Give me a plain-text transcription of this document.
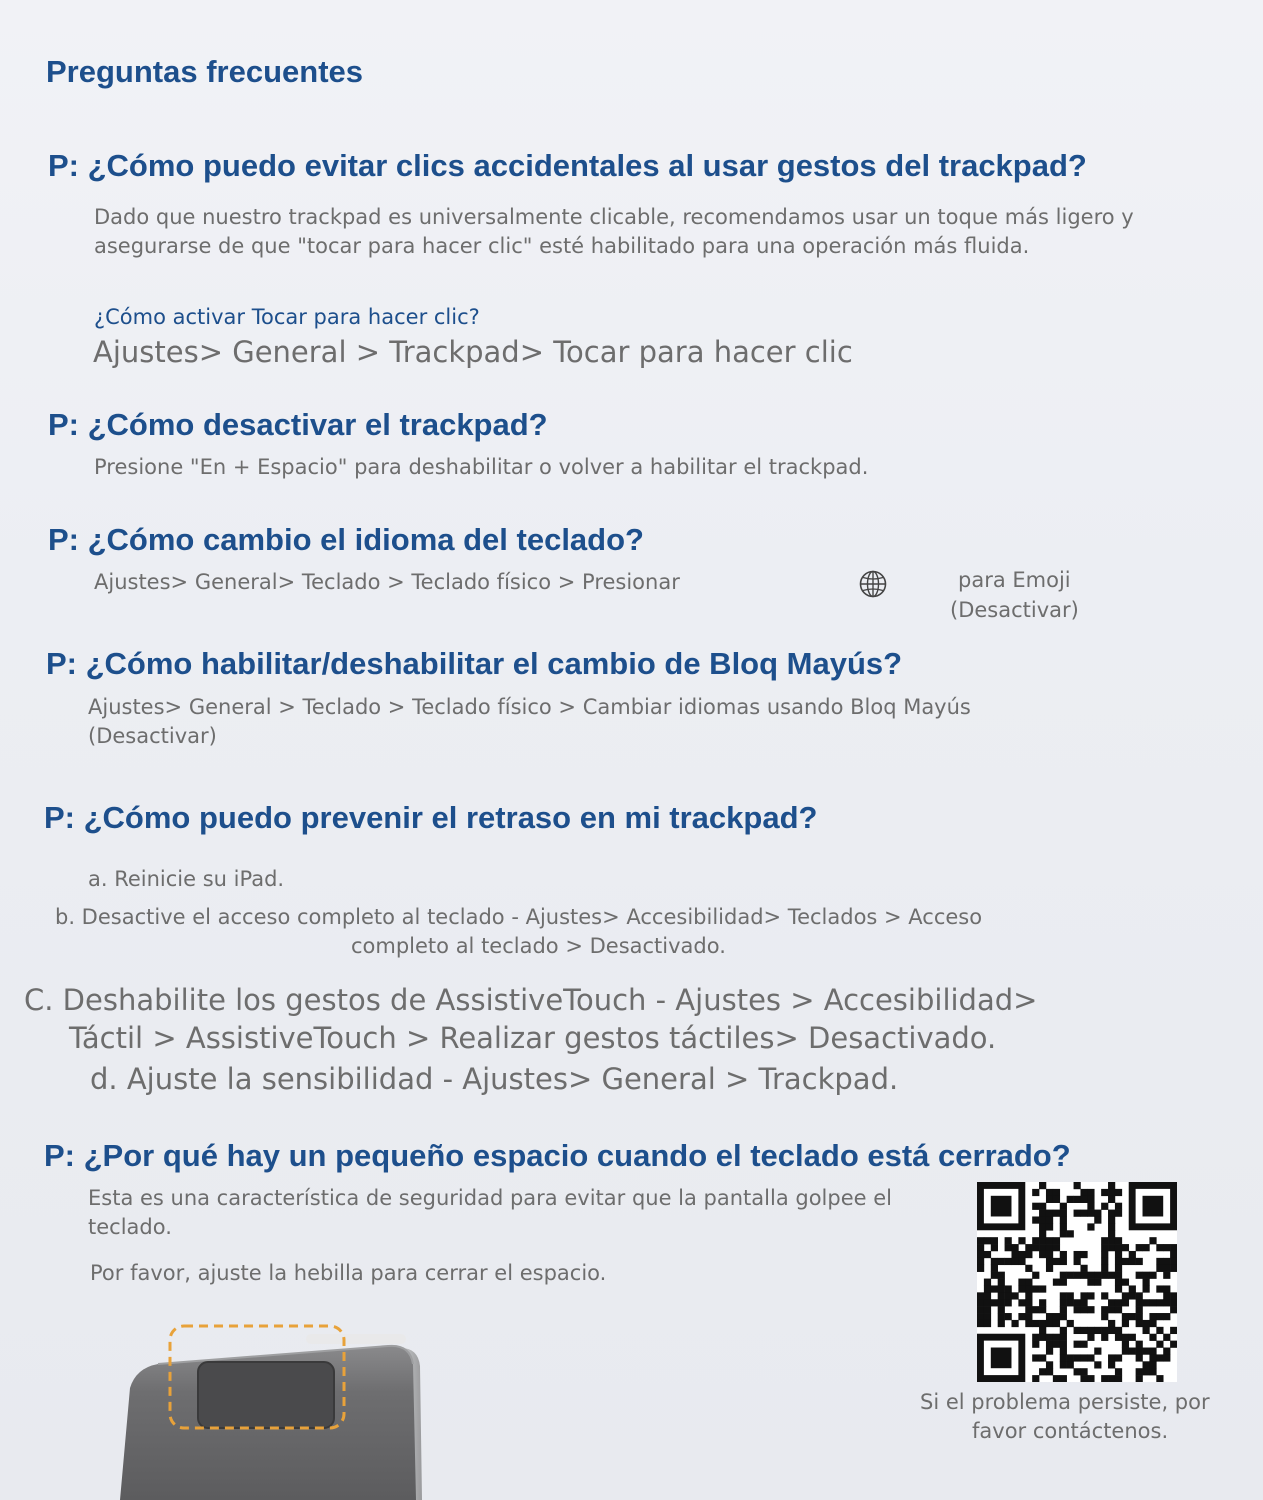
Preguntas frecuentes
P: ¿Cómo puedo evitar clics accidentales al usar gestos del trackpad?
Dado que nuestro trackpad es universalmente clicable, recomendamos usar un toque más ligero y
asegurarse de que "tocar para hacer clic" esté habilitado para una operación más fluida.
¿Cómo activar Tocar para hacer clic?
Ajustes> General > Trackpad> Tocar para hacer clic
P: ¿Cómo desactivar el trackpad?
Presione "En + Espacio" para deshabilitar o volver a habilitar el trackpad.
P: ¿Cómo cambio el idioma del teclado?
Ajustes> General> Teclado > Teclado físico > Presionar	para Emoji
(Desactivar)
P: ¿Cómo habilitar/deshabilitar el cambio de Bloq Mayús?
Ajustes> General > Teclado > Teclado físico > Cambiar idiomas usando Bloq Mayús
(Desactivar)
P: ¿Cómo puedo prevenir el retraso en mi trackpad?
a. Reinicie su iPad.
b. Desactive el acceso completo al teclado - Ajustes> Accesibilidad> Teclados > Acceso
completo al teclado > Desactivado.
C. Deshabilite los gestos de AssistiveTouch - Ajustes > Accesibilidad>
Táctil > AssistiveTouch > Realizar gestos táctiles> Desactivado.
d. Ajuste la sensibilidad - Ajustes> General > Trackpad.
P: ¿Por qué hay un pequeño espacio cuando el teclado está cerrado?
Esta es una característica de seguridad para evitar que la pantalla golpee el
teclado.
Por favor, ajuste la hebilla para cerrar el espacio.
Si el problema persiste, por
favor contáctenos.
